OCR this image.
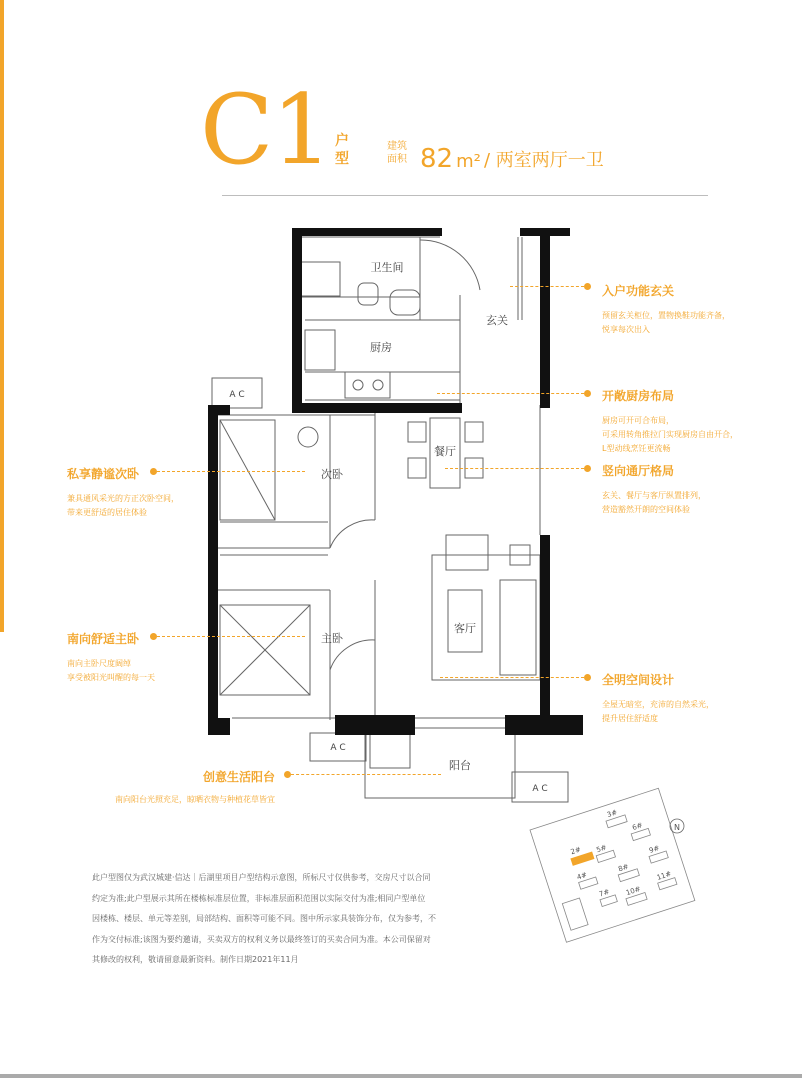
C1 户型
建筑面积 82 m² / 两室两厅一卫
卫生间
玄关
厨房
餐厅
次卧
客厅
主卧
阳台
A C
A C
A C
2#
3#
4#
5#
6#
7#
8#
9#
10#
11#
N
入户功能玄关
预留玄关柜位，置物换鞋功能齐备，
悦享每次出入
开敞厨房布局
厨房可开可合布局，
可采用转角推拉门实现厨房自由开合，
L型动线烹饪更流畅
竖向通厅格局
玄关、餐厅与客厅纵置排列，
营造豁然开朗的空间体验
全明空间设计
全屋无暗室，充沛的自然采光，
提升居住舒适度
私享静谧次卧
兼具通风采光的方正次卧空间，
带来更舒适的居住体验
南向舒适主卧
南向主卧尺度阔绰
享受被阳光叫醒的每一天
创意生活阳台
南向阳台光照充足，晾晒衣物与种植花草皆宜

此户型图仅为武汉城建·信达｜后湖里项目户型结构示意图，所标尺寸仅供参考，交房尺寸以合同

约定为准;此户型展示其所在楼栋标准层位置，非标准层面积范围以实际交付为准;相同户型单位

因楼栋、楼层、单元等差别，局部结构、面积等可能不同。图中所示家具装饰分布，仅为参考，不

作为交付标准;该图为要约邀请，买卖双方的权利义务以最终签订的买卖合同为准。本公司保留对

其修改的权利，敬请留意最新资料。制作日期2021年11月
